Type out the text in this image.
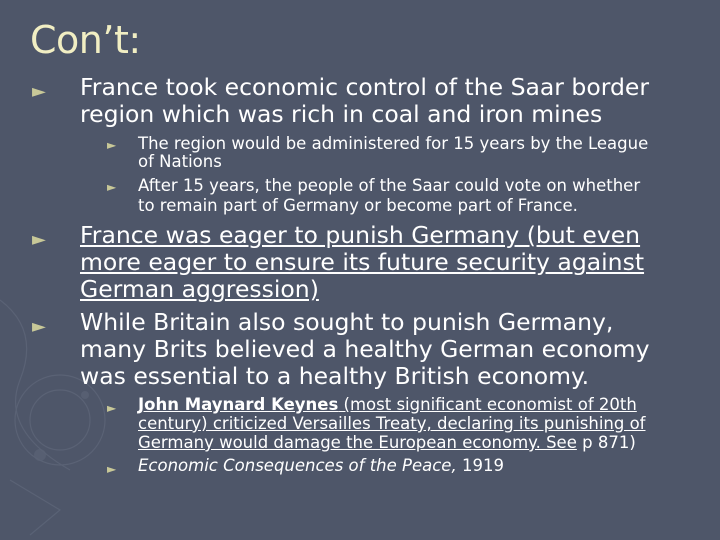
Con’t:
► France took economic control of the Saar border
region which was rich in coal and iron mines
► The region would be administered for 15 years by the League
of Nations
► After 15 years, the people of the Saar could vote on whether
to remain part of Germany or become part of France.
► France was eager to punish Germany (but even
more eager to ensure its future security against
German aggression)
► While Britain also sought to punish Germany,
many Brits believed a healthy German economy
was essential to a healthy British economy.
► John Maynard Keynes (most significant economist of 20th
century) criticized Versailles Treaty, declaring its punishing of
Germany would damage the European economy. See p 871)
► Economic Consequences of the Peace, 1919
